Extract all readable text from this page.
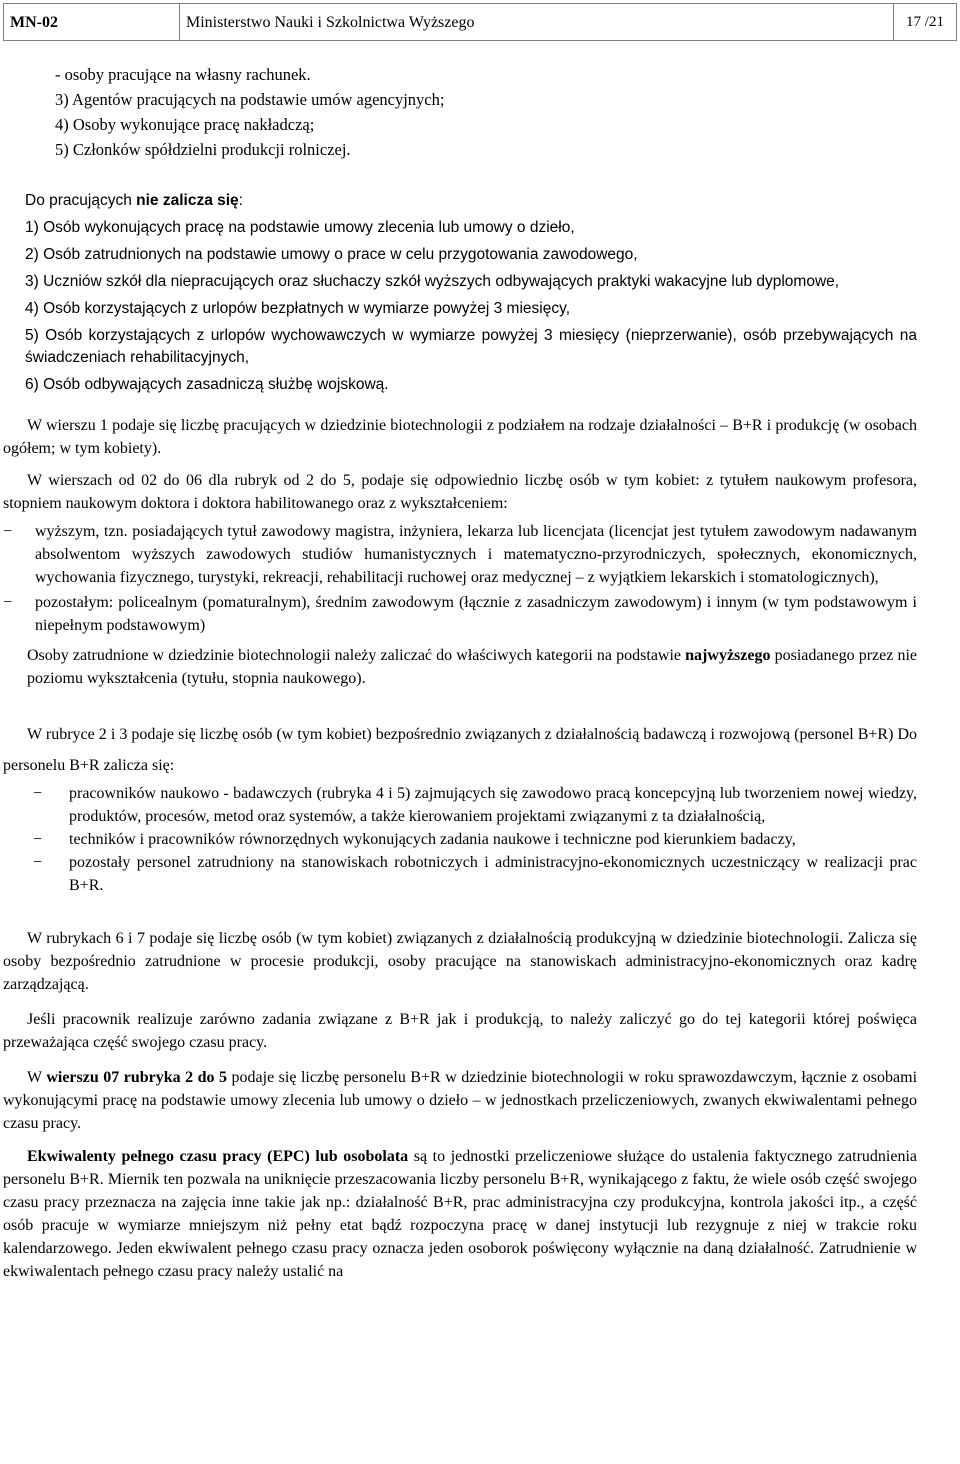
MN-02	Ministerstwo Nauki i Szkolnictwa Wyższego	17 /21

- osoby pracujące na własny rachunek.

3) Agentów pracujących na podstawie umów agencyjnych;

4) Osoby wykonujące pracę nakładczą;

5) Członków spółdzielni produkcji rolniczej.

Do pracujących nie zalicza się:

1) Osób wykonujących pracę na podstawie umowy zlecenia lub umowy o dzieło,

2) Osób zatrudnionych na podstawie umowy o prace w celu przygotowania zawodowego,

3) Uczniów szkół dla niepracujących oraz słuchaczy szkół wyższych odbywających praktyki wakacyjne lub dyplomowe,

4) Osób korzystających z urlopów bezpłatnych w wymiarze powyżej 3 miesięcy,

5) Osób korzystających z urlopów wychowawczych w wymiarze powyżej 3 miesięcy (nieprzerwanie), osób przebywających na świadczeniach rehabilitacyjnych,

6) Osób odbywających zasadniczą służbę wojskową.

W wierszu 1 podaje się liczbę pracujących w dziedzinie biotechnologii z podziałem na rodzaje działalności – B+R i produkcję (w osobach ogółem; w tym kobiety).

W wierszach od 02 do 06 dla rubryk od 2 do 5, podaje się odpowiednio liczbę osób w tym kobiet: z tytułem naukowym profesora, stopniem naukowym doktora i doktora habilitowanego oraz z wykształceniem:

− wyższym, tzn. posiadających tytuł zawodowy magistra, inżyniera, lekarza lub licencjata (licencjat jest tytułem zawodowym nadawanym absolwentom wyższych zawodowych studiów humanistycznych i matematyczno-przyrodniczych, społecznych, ekonomicznych, wychowania fizycznego, turystyki, rekreacji, rehabilitacji ruchowej oraz medycznej – z wyjątkiem lekarskich i stomatologicznych),
− pozostałym: policealnym (pomaturalnym), średnim zawodowym (łącznie z zasadniczym zawodowym) i innym (w tym podstawowym i niepełnym podstawowym)

Osoby zatrudnione w dziedzinie biotechnologii należy zaliczać do właściwych kategorii na podstawie najwyższego posiadanego przez nie poziomu wykształcenia (tytułu, stopnia naukowego).

W rubryce 2 i 3 podaje się liczbę osób (w tym kobiet) bezpośrednio związanych z działalnością badawczą i rozwojową (personel B+R) Do personelu B+R zalicza się:

− pracowników naukowo - badawczych (rubryka 4 i 5) zajmujących się zawodowo pracą koncepcyjną lub tworzeniem nowej wiedzy, produktów, procesów, metod oraz systemów, a także kierowaniem projektami związanymi z ta działalnością,
− techników i pracowników równorzędnych wykonujących zadania naukowe i techniczne pod kierunkiem badaczy,
− pozostały personel zatrudniony na stanowiskach robotniczych i administracyjno-ekonomicznych uczestniczący w realizacji prac B+R.

W rubrykach 6 i 7 podaje się liczbę osób (w tym kobiet) związanych z działalnością produkcyjną w dziedzinie biotechnologii. Zalicza się osoby bezpośrednio zatrudnione w procesie produkcji, osoby pracujące na stanowiskach administracyjno-ekonomicznych oraz kadrę zarządzającą.

Jeśli pracownik realizuje zarówno zadania związane z B+R jak i produkcją, to należy zaliczyć go do tej kategorii której poświęca przeważająca część swojego czasu pracy.

W wierszu 07 rubryka 2 do 5 podaje się liczbę personelu B+R w dziedzinie biotechnologii w roku sprawozdawczym, łącznie z osobami wykonującymi pracę na podstawie umowy zlecenia lub umowy o dzieło – w jednostkach przeliczeniowych, zwanych ekwiwalentami pełnego czasu pracy.

Ekwiwalenty pełnego czasu pracy (EPC) lub osobolata są to jednostki przeliczeniowe służące do ustalenia faktycznego zatrudnienia personelu B+R. Miernik ten pozwala na uniknięcie przeszacowania liczby personelu B+R, wynikającego z faktu, że wiele osób część swojego czasu pracy przeznacza na zajęcia inne takie jak np.: działalność B+R, prac administracyjna czy produkcyjna, kontrola jakości itp., a część osób pracuje w wymiarze mniejszym niż pełny etat bądź rozpoczyna pracę w danej instytucji lub rezygnuje z niej w trakcie roku kalendarzowego. Jeden ekwiwalent pełnego czasu pracy oznacza jeden osoborok poświęcony wyłącznie na daną działalność. Zatrudnienie w ekwiwalentach pełnego czasu pracy należy ustalić na
